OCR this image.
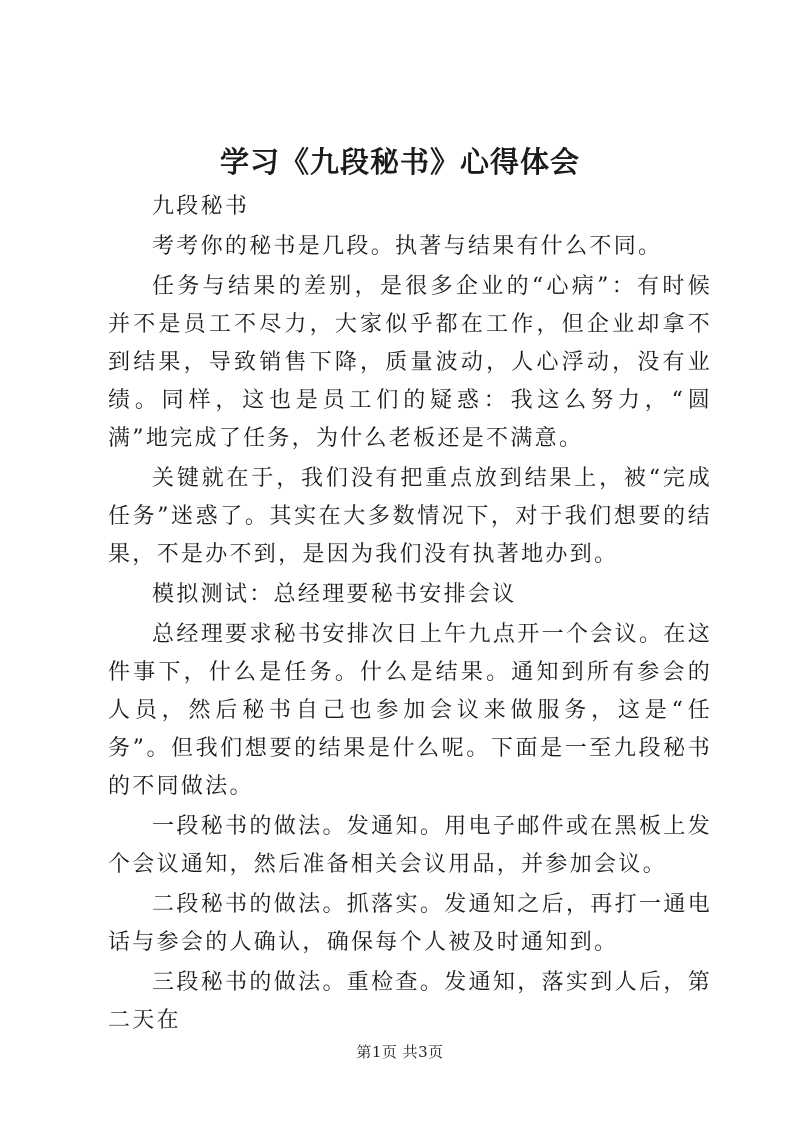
学习《九段秘书》心得体会

九段秘书

考考你的秘书是几段。执著与结果有什么不同。

任务与结果的差别，是很多企业的“心病”：有时候并不是员工不尽力，大家似乎都在工作，但企业却拿不到结果，导致销售下降，质量波动，人心浮动，没有业绩。同样，这也是员工们的疑惑：我这么努力，“圆满”地完成了任务，为什么老板还是不满意。

关键就在于，我们没有把重点放到结果上，被“完成任务”迷惑了。其实在大多数情况下，对于我们想要的结果，不是办不到，是因为我们没有执著地办到。

模拟测试：总经理要秘书安排会议

总经理要求秘书安排次日上午九点开一个会议。在这件事下，什么是任务。什么是结果。通知到所有参会的人员，然后秘书自己也参加会议来做服务，这是“任务”。但我们想要的结果是什么呢。下面是一至九段秘书的不同做法。

一段秘书的做法。发通知。用电子邮件或在黑板上发个会议通知，然后准备相关会议用品，并参加会议。

二段秘书的做法。抓落实。发通知之后，再打一通电话与参会的人确认，确保每个人被及时通知到。

三段秘书的做法。重检查。发通知，落实到人后，第二天在

第1页 共3页
